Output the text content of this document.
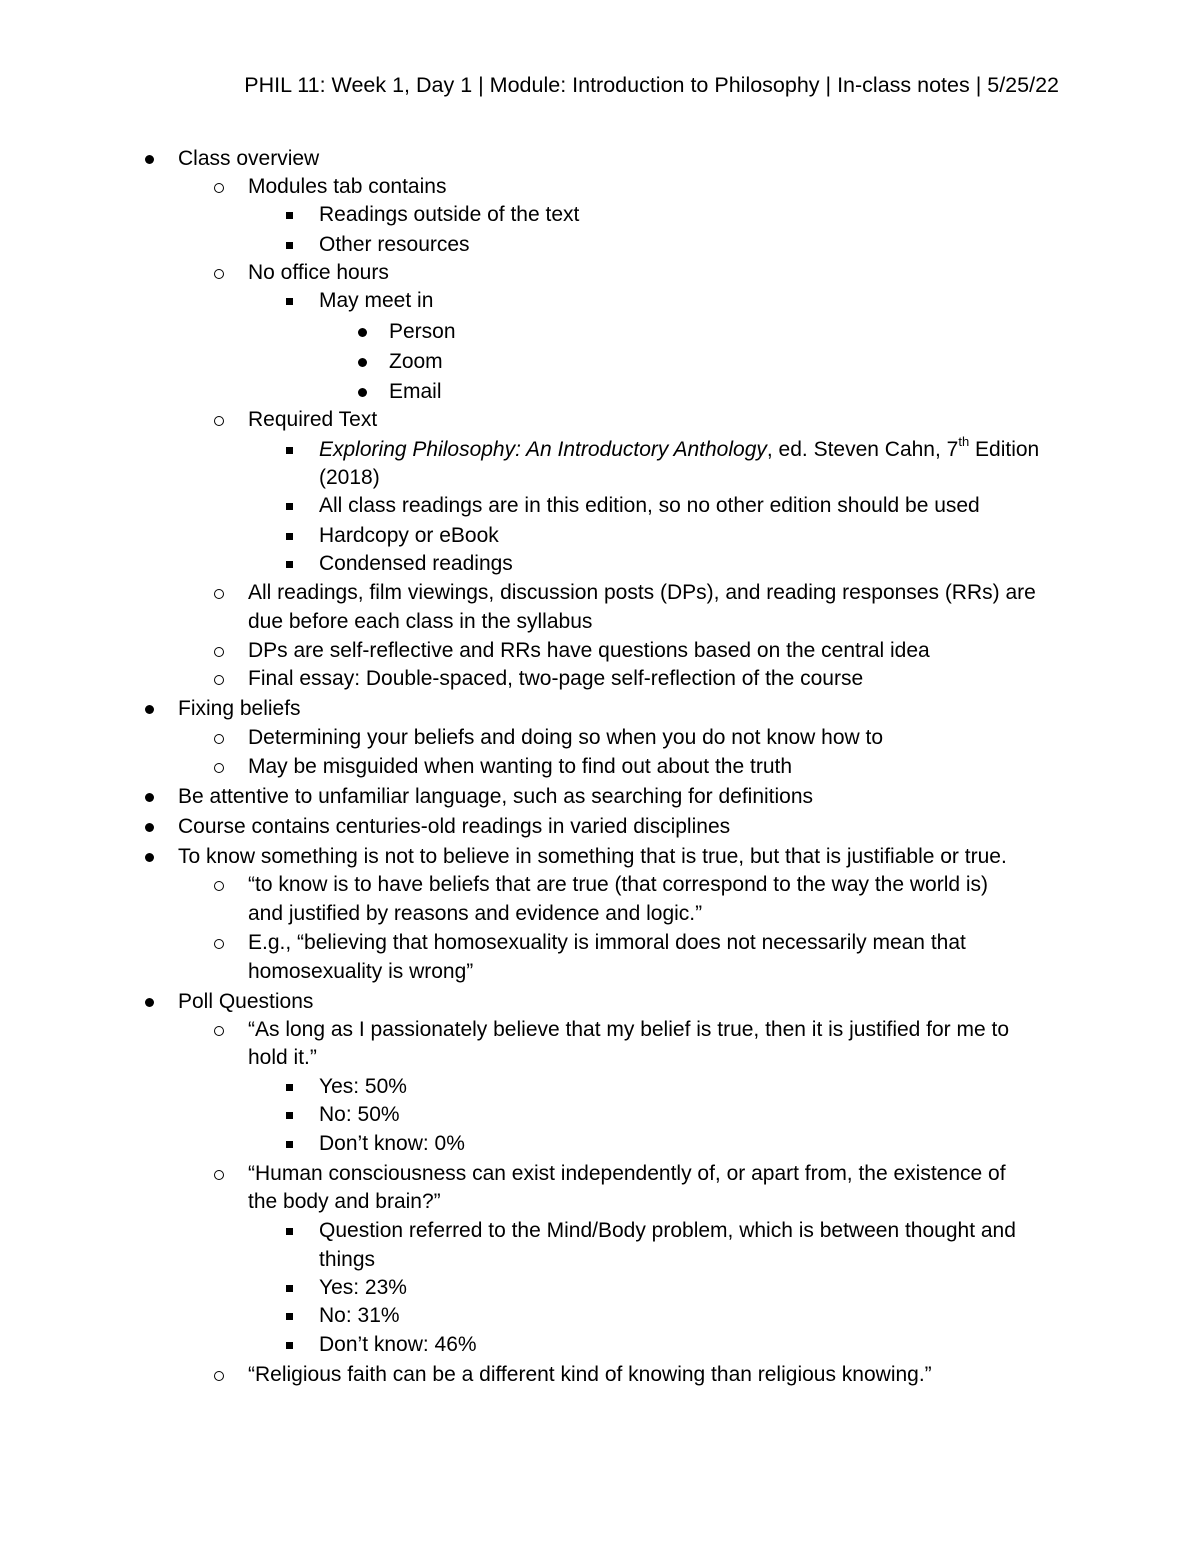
PHIL 11: Week 1, Day 1 | Module: Introduction to Philosophy | In-class notes | 5/25/22
Class overview
Modules tab contains
Readings outside of the text
Other resources
No office hours
May meet in
Person
Zoom
Email
Required Text
Exploring Philosophy: An Introductory Anthology, ed. Steven Cahn, 7th Edition
(2018)
All class readings are in this edition, so no other edition should be used
Hardcopy or eBook
Condensed readings
All readings, film viewings, discussion posts (DPs), and reading responses (RRs) are
due before each class in the syllabus
DPs are self-reflective and RRs have questions based on the central idea
Final essay: Double-spaced, two-page self-reflection of the course
Fixing beliefs
Determining your beliefs and doing so when you do not know how to
May be misguided when wanting to find out about the truth
Be attentive to unfamiliar language, such as searching for definitions
Course contains centuries-old readings in varied disciplines
To know something is not to believe in something that is true, but that is justifiable or true.
“to know is to have beliefs that are true (that correspond to the way the world is)
and justified by reasons and evidence and logic.”
E.g., “believing that homosexuality is immoral does not necessarily mean that
homosexuality is wrong”
Poll Questions
“As long as I passionately believe that my belief is true, then it is justified for me to
hold it.”
Yes: 50%
No: 50%
Don’t know: 0%
“Human consciousness can exist independently of, or apart from, the existence of
the body and brain?”
Question referred to the Mind/Body problem, which is between thought and
things
Yes: 23%
No: 31%
Don’t know: 46%
“Religious faith can be a different kind of knowing than religious knowing.”
